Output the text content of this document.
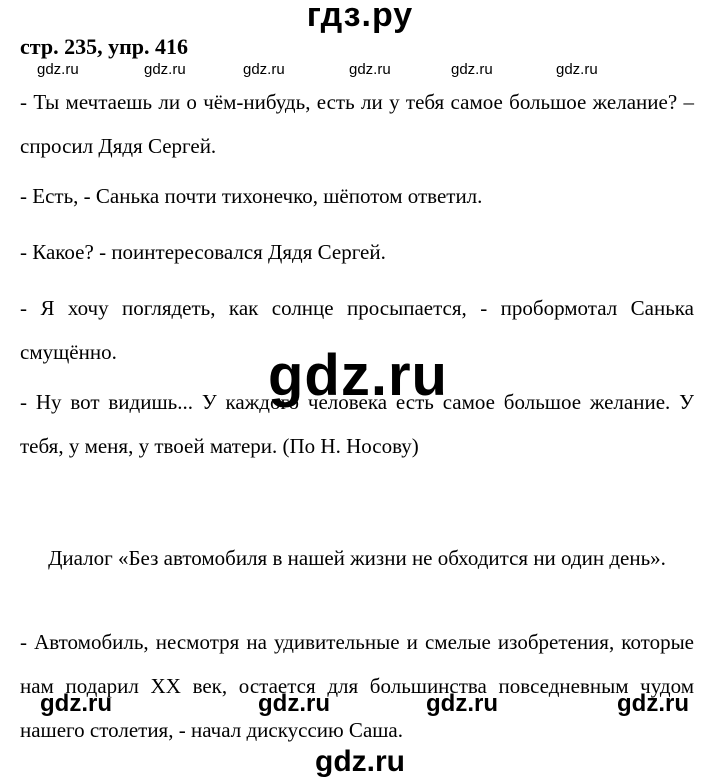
гдз.ру
стр. 235, упр. 416
gdz.ru	gdz.ru	gdz.ru	gdz.ru	gdz.ru	gdz.ru
- Ты мечтаешь ли о чём-нибудь, есть ли у тебя самое большое желание? – спросил Дядя Сергей.
- Есть, - Санька почти тихонечко, шёпотом ответил.
- Какое? - поинтересовался Дядя Сергей.
- Я хочу поглядеть, как солнце просыпается, - пробормотал Санька смущённо.
- Ну вот видишь... У каждого человека есть самое большое желание. У тебя, у меня, у твоей матери. (По Н. Носову)
gdz.ru
Диалог «Без автомобиля в нашей жизни не обходится ни один день».
- Автомобиль, несмотря на удивительные и смелые изобретения, которые нам подарил XX век, остается для большинства повседневным чудом нашего столетия, - начал дискуссию Саша.
gdz.ru	gdz.ru	gdz.ru	gdz.ru
gdz.ru
